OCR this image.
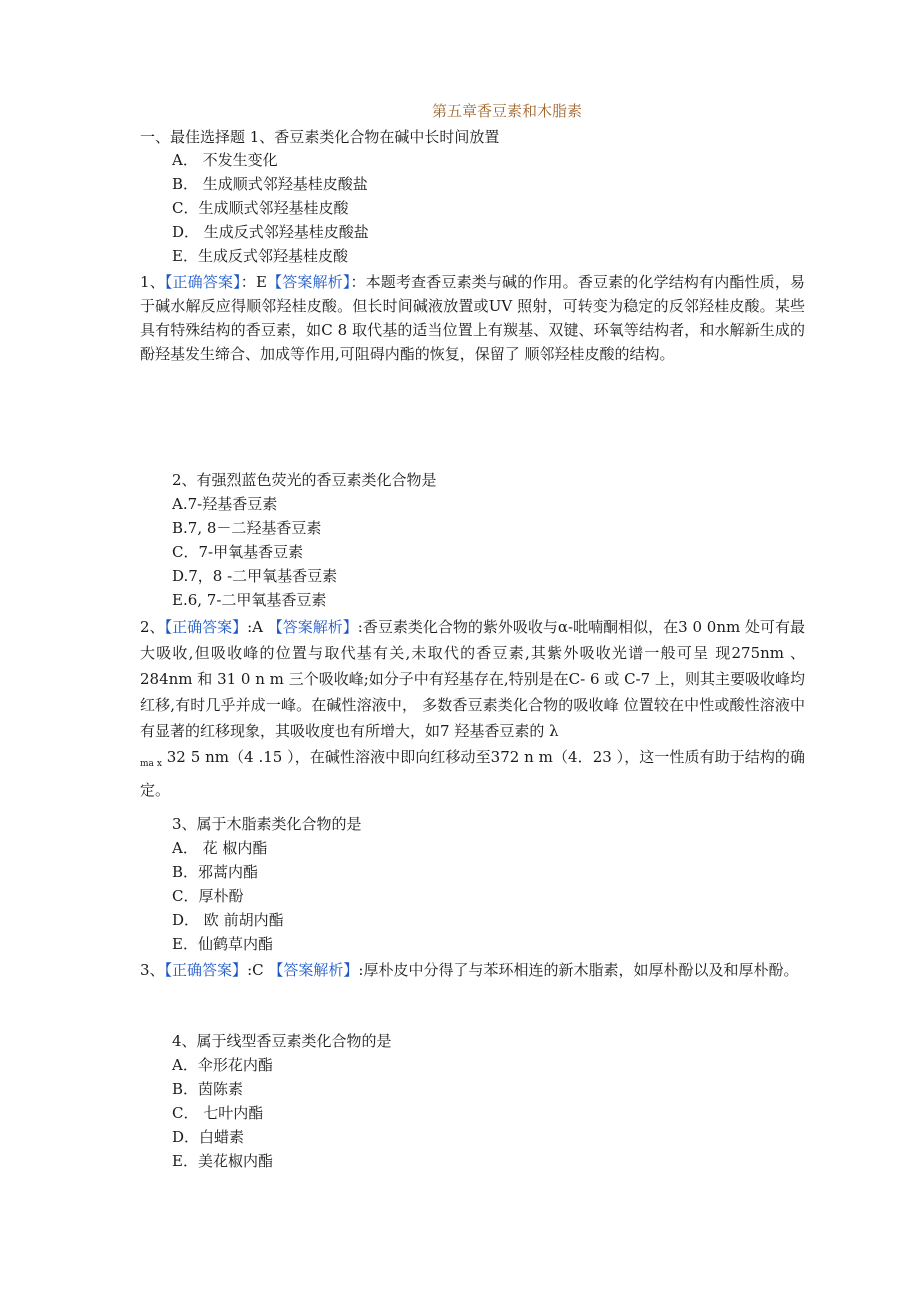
第五章香豆素和木脂素
一、最佳选择题 1、香豆素类化合物在碱中长时间放置
A． 不发生变化
B． 生成顺式邻羟基桂皮酸盐
C．生成顺式邻羟基桂皮酸
D． 生成反式邻羟基桂皮酸盐
E．生成反式邻羟基桂皮酸
1、【正确答案】：E【答案解析】：本题考查香豆素类与碱的作用。香豆素的化学结构有内酯性质，易于碱水解反应得顺邻羟桂皮酸。但长时间碱液放置或UV 照射，可转变为稳定的反邻羟桂皮酸。某些具有特殊结构的香豆素，如C 8 取代基的适当位置上有羰基、双键、环氧等结构者，和水解新生成的酚羟基发生缔合、加成等作用,可阻碍内酯的恢复，保留了 顺邻羟桂皮酸的结构。
2、有强烈蓝色荧光的香豆素类化合物是
A.7-羟基香豆素
B.7, 8－二羟基香豆素
C．7-甲氧基香豆素
D.7，8 -二甲氧基香豆素
E.6, 7-二甲氧基香豆素
2、【正确答案】:A 【答案解析】:香豆素类化合物的紫外吸收与α-吡喃酮相似，在3 0 0nm 处可有最大吸收,但吸收峰的位置与取代基有关,未取代的香豆素,其紫外吸收光谱一般可呈 现275nm 、284nm 和 31 0 n m 三个吸收峰;如分子中有羟基存在,特别是在C- 6 或 C-7 上，则其主要吸收峰均红移,有时几乎并成一峰。在碱性溶液中， 多数香豆素类化合物的吸收峰 位置较在中性或酸性溶液中有显著的红移现象，其吸收度也有所增大，如7 羟基香豆素的 λ
$_{ma x}$ 32 5 nm（4 .15 ），在碱性溶液中即向红移动至372 n m（4．23 ），这一性质有助于结构的确定。
3、属于木脂素类化合物的是
A． 花 椒内酯
B．邪蒿内酯
C．厚朴酚
D． 欧 前胡内酯
E．仙鹤草内酯
3、【正确答案】:C 【答案解析】:厚朴皮中分得了与苯环相连的新木脂素，如厚朴酚以及和厚朴酚。
4、属于线型香豆素类化合物的是
A．伞形花内酯
B．茵陈素
C． 七叶内酯
D．白蜡素
E．美花椒内酯
